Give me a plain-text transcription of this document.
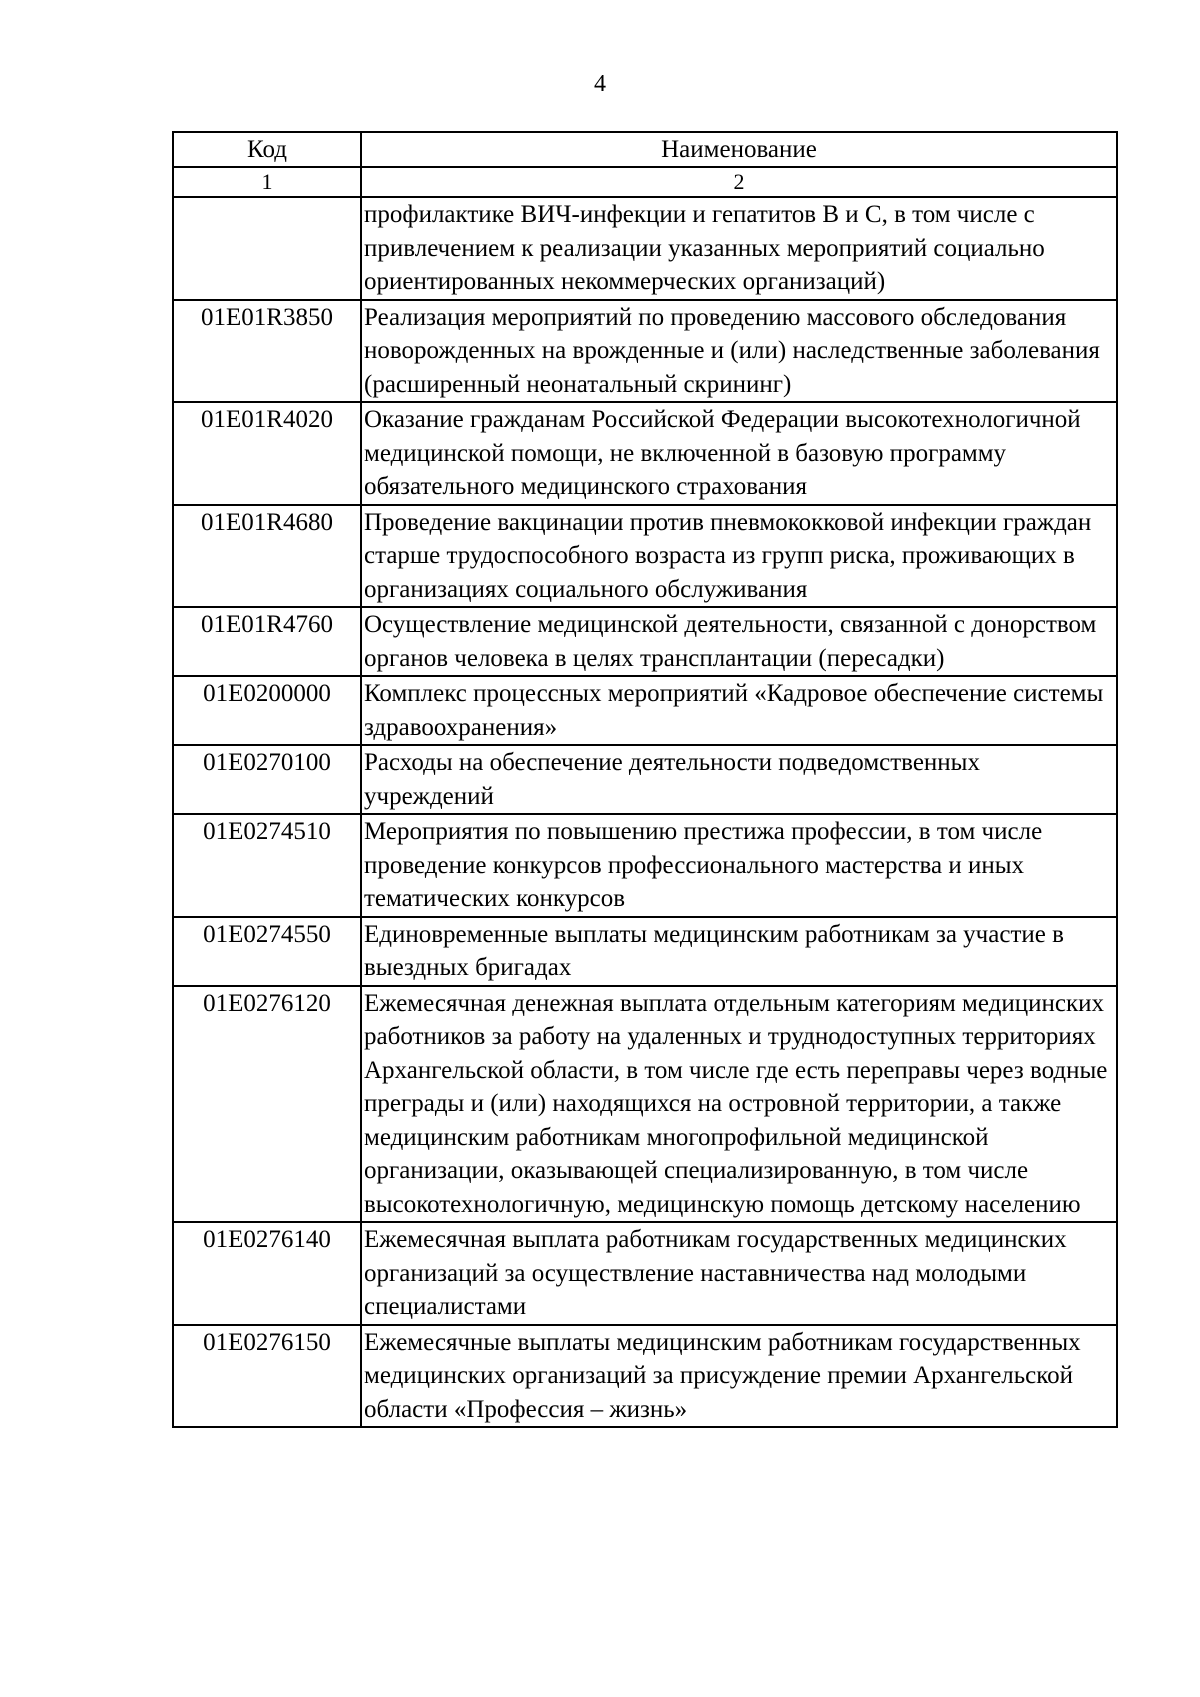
4
Код	Наименование
1	2
	профилактике ВИЧ-инфекции и гепатитов В и С, в том числе с привлечением к реализации указанных мероприятий социально ориентированных некоммерческих организаций)
01Е01R3850	Реализация мероприятий по проведению массового обследования новорожденных на врожденные и (или) наследственные заболевания (расширенный неонатальный скрининг)
01Е01R4020	Оказание гражданам Российской Федерации высокотехнологичной медицинской помощи, не включенной в базовую программу обязательного медицинского страхования
01Е01R4680	Проведение вакцинации против пневмококковой инфекции граждан старше трудоспособного возраста из групп риска, проживающих в организациях социального обслуживания
01Е01R4760	Осуществление медицинской деятельности, связанной с донорством органов человека в целях трансплантации (пересадки)
01Е0200000	Комплекс процессных мероприятий «Кадровое обеспечение системы здравоохранения»
01Е0270100	Расходы на обеспечение деятельности подведомственных учреждений
01Е0274510	Мероприятия по повышению престижа профессии, в том числе проведение конкурсов профессионального мастерства и иных тематических конкурсов
01Е0274550	Единовременные выплаты медицинским работникам за участие в выездных бригадах
01Е0276120	Ежемесячная денежная выплата отдельным категориям медицинских работников за работу на удаленных и труднодоступных территориях Архангельской области, в том числе где есть переправы через водные преграды и (или) находящихся на островной территории, а также медицинским работникам многопрофильной медицинской организации, оказывающей специализированную, в том числе высокотехнологичную, медицинскую помощь детскому населению
01Е0276140	Ежемесячная выплата работникам государственных медицинских организаций за осуществление наставничества над молодыми специалистами
01Е0276150	Ежемесячные выплаты медицинским работникам государственных медицинских организаций за присуждение премии Архангельской области «Профессия – жизнь»
